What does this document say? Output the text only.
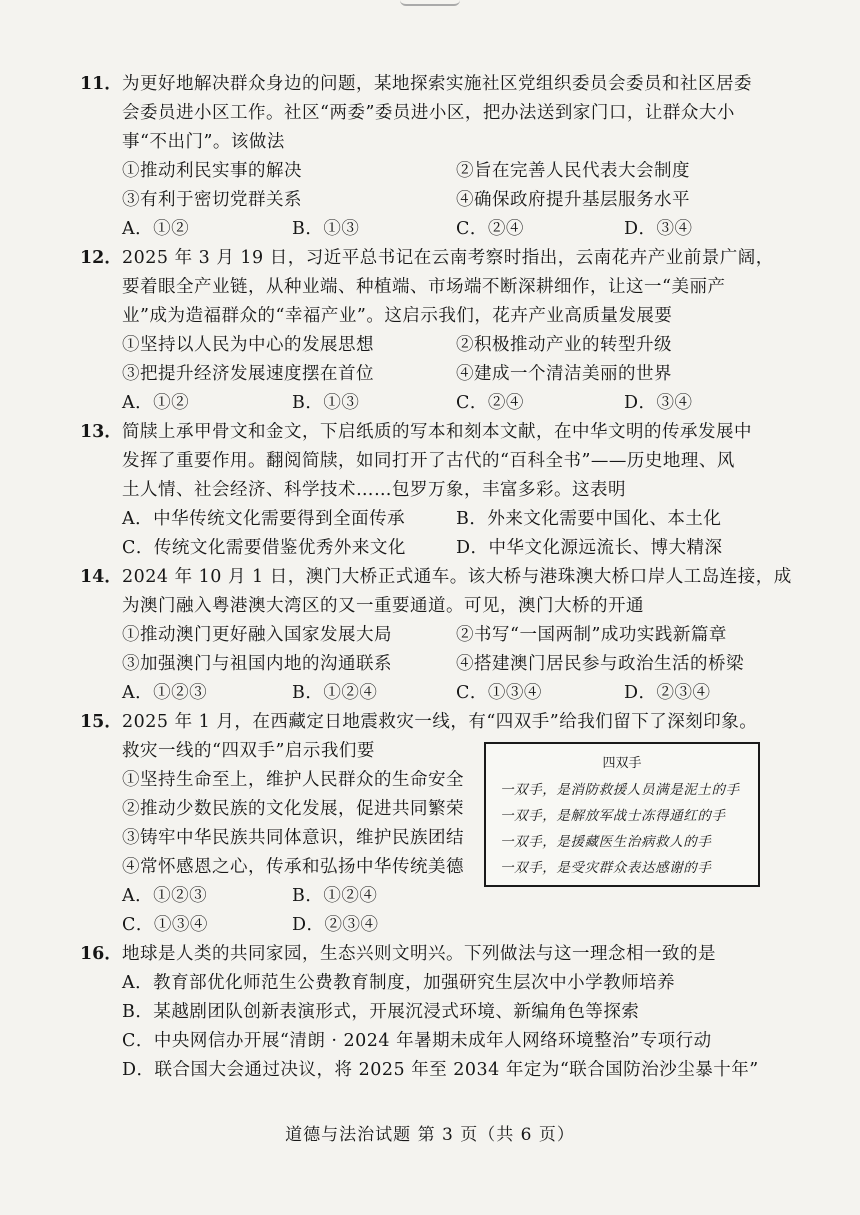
11． 为更好地解决群众身边的问题，某地探索实施社区党组织委员会委员和社区居委
会委员进小区工作。社区“两委”委员进小区，把办法送到家门口，让群众大小
事“不出门”。该做法
①推动利民实事的解决	②旨在完善人民代表大会制度
③有利于密切党群关系	④确保政府提升基层服务水平
A．①②	B．①③	C．②④	D．③④
12． 2025 年 3 月 19 日，习近平总书记在云南考察时指出，云南花卉产业前景广阔，
要着眼全产业链，从种业端、种植端、市场端不断深耕细作，让这一“美丽产
业”成为造福群众的“幸福产业”。这启示我们，花卉产业高质量发展要
①坚持以人民为中心的发展思想	②积极推动产业的转型升级
③把提升经济发展速度摆在首位	④建成一个清洁美丽的世界
A．①②	B．①③	C．②④	D．③④
13． 简牍上承甲骨文和金文，下启纸质的写本和刻本文献，在中华文明的传承发展中
发挥了重要作用。翻阅简牍，如同打开了古代的“百科全书”——历史地理、风
土人情、社会经济、科学技术……包罗万象，丰富多彩。这表明
A．中华传统文化需要得到全面传承	B．外来文化需要中国化、本土化
C．传统文化需要借鉴优秀外来文化	D．中华文化源远流长、博大精深
14． 2024 年 10 月 1 日，澳门大桥正式通车。该大桥与港珠澳大桥口岸人工岛连接，成
为澳门融入粤港澳大湾区的又一重要通道。可见，澳门大桥的开通
①推动澳门更好融入国家发展大局	②书写“一国两制”成功实践新篇章
③加强澳门与祖国内地的沟通联系	④搭建澳门居民参与政治生活的桥梁
A．①②③	B．①②④	C．①③④	D．②③④
15． 2025 年 1 月，在西藏定日地震救灾一线，有“四双手”给我们留下了深刻印象。
救灾一线的“四双手”启示我们要
①坚持生命至上，维护人民群众的生命安全
②推动少数民族的文化发展，促进共同繁荣
③铸牢中华民族共同体意识，维护民族团结
④常怀感恩之心，传承和弘扬中华传统美德
A．①②③	B．①②④
C．①③④	D．②③④
四双手
一双手，是消防救援人员满是泥土的手
一双手，是解放军战士冻得通红的手
一双手，是援藏医生治病救人的手
一双手，是受灾群众表达感谢的手
16． 地球是人类的共同家园，生态兴则文明兴。下列做法与这一理念相一致的是
A．教育部优化师范生公费教育制度，加强研究生层次中小学教师培养
B．某越剧团队创新表演形式，开展沉浸式环境、新编角色等探索
C．中央网信办开展“清朗 · 2024 年暑期未成年人网络环境整治”专项行动
D．联合国大会通过决议，将 2025 年至 2034 年定为“联合国防治沙尘暴十年”
道德与法治试题 第 3 页（共 6 页）
